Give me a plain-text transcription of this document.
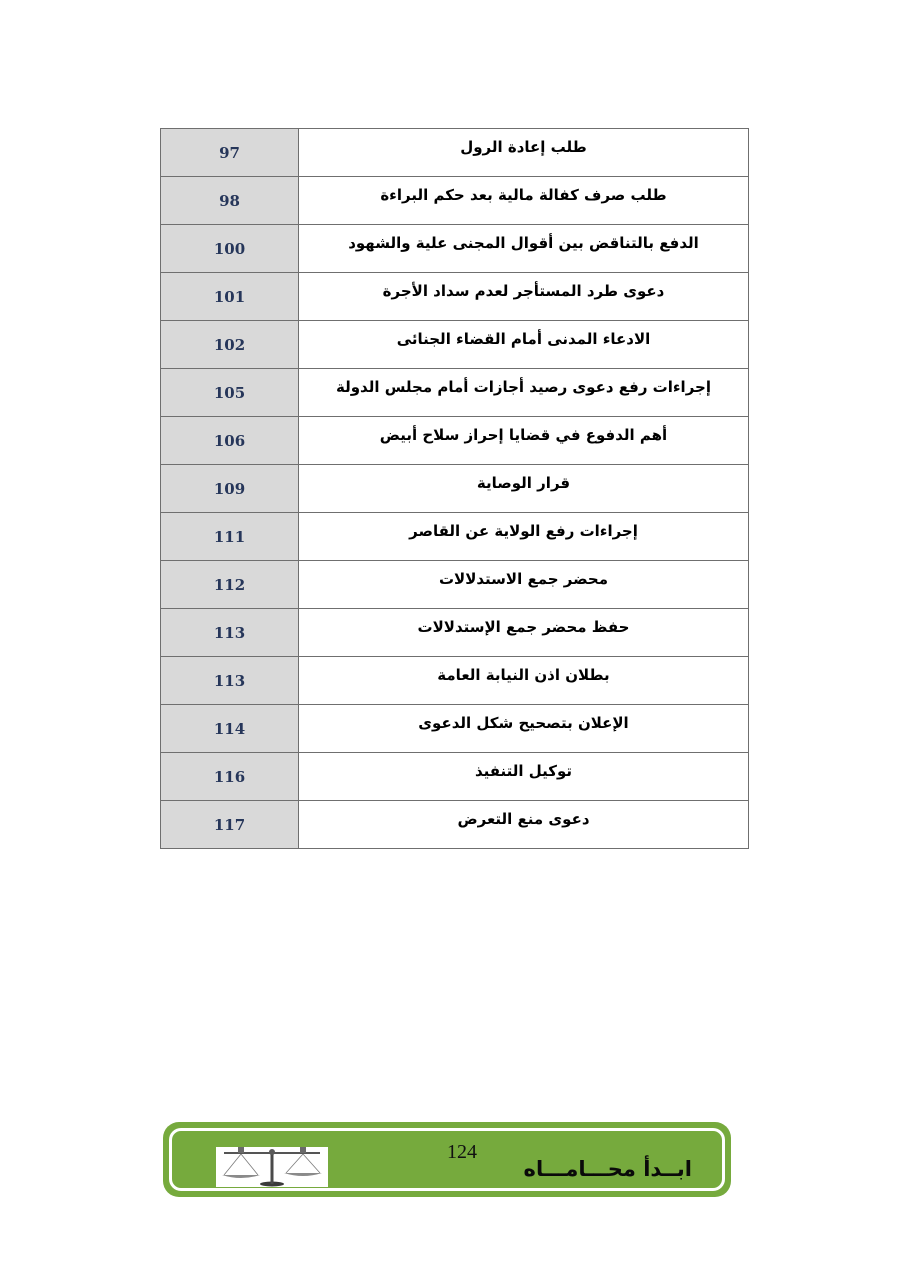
97	طلب إعادة الرول
98	طلب صرف كفالة مالية بعد حكم البراءة
100	الدفع بالتناقض بين أقوال المجنى علية والشهود
101	دعوى طرد المستأجر لعدم سداد الأجرة
102	الادعاء المدنى أمام القضاء الجنائى
105	إجراءات رفع دعوى رصيد أجازات أمام مجلس الدولة
106	أهم الدفوع في قضايا إحراز سلاح أبيض
109	قرار الوصاية
111	إجراءات رفع الولاية عن القاصر
112	محضر جمع الاستدلالات
113	حفظ محضر جمع الإستدلالات
113	بطلان اذن النيابة العامة
114	الإعلان بتصحيح شكل الدعوى
116	توكيل التنفيذ
117	دعوى منع التعرض
124
ابــدأ محـــامـــاه
